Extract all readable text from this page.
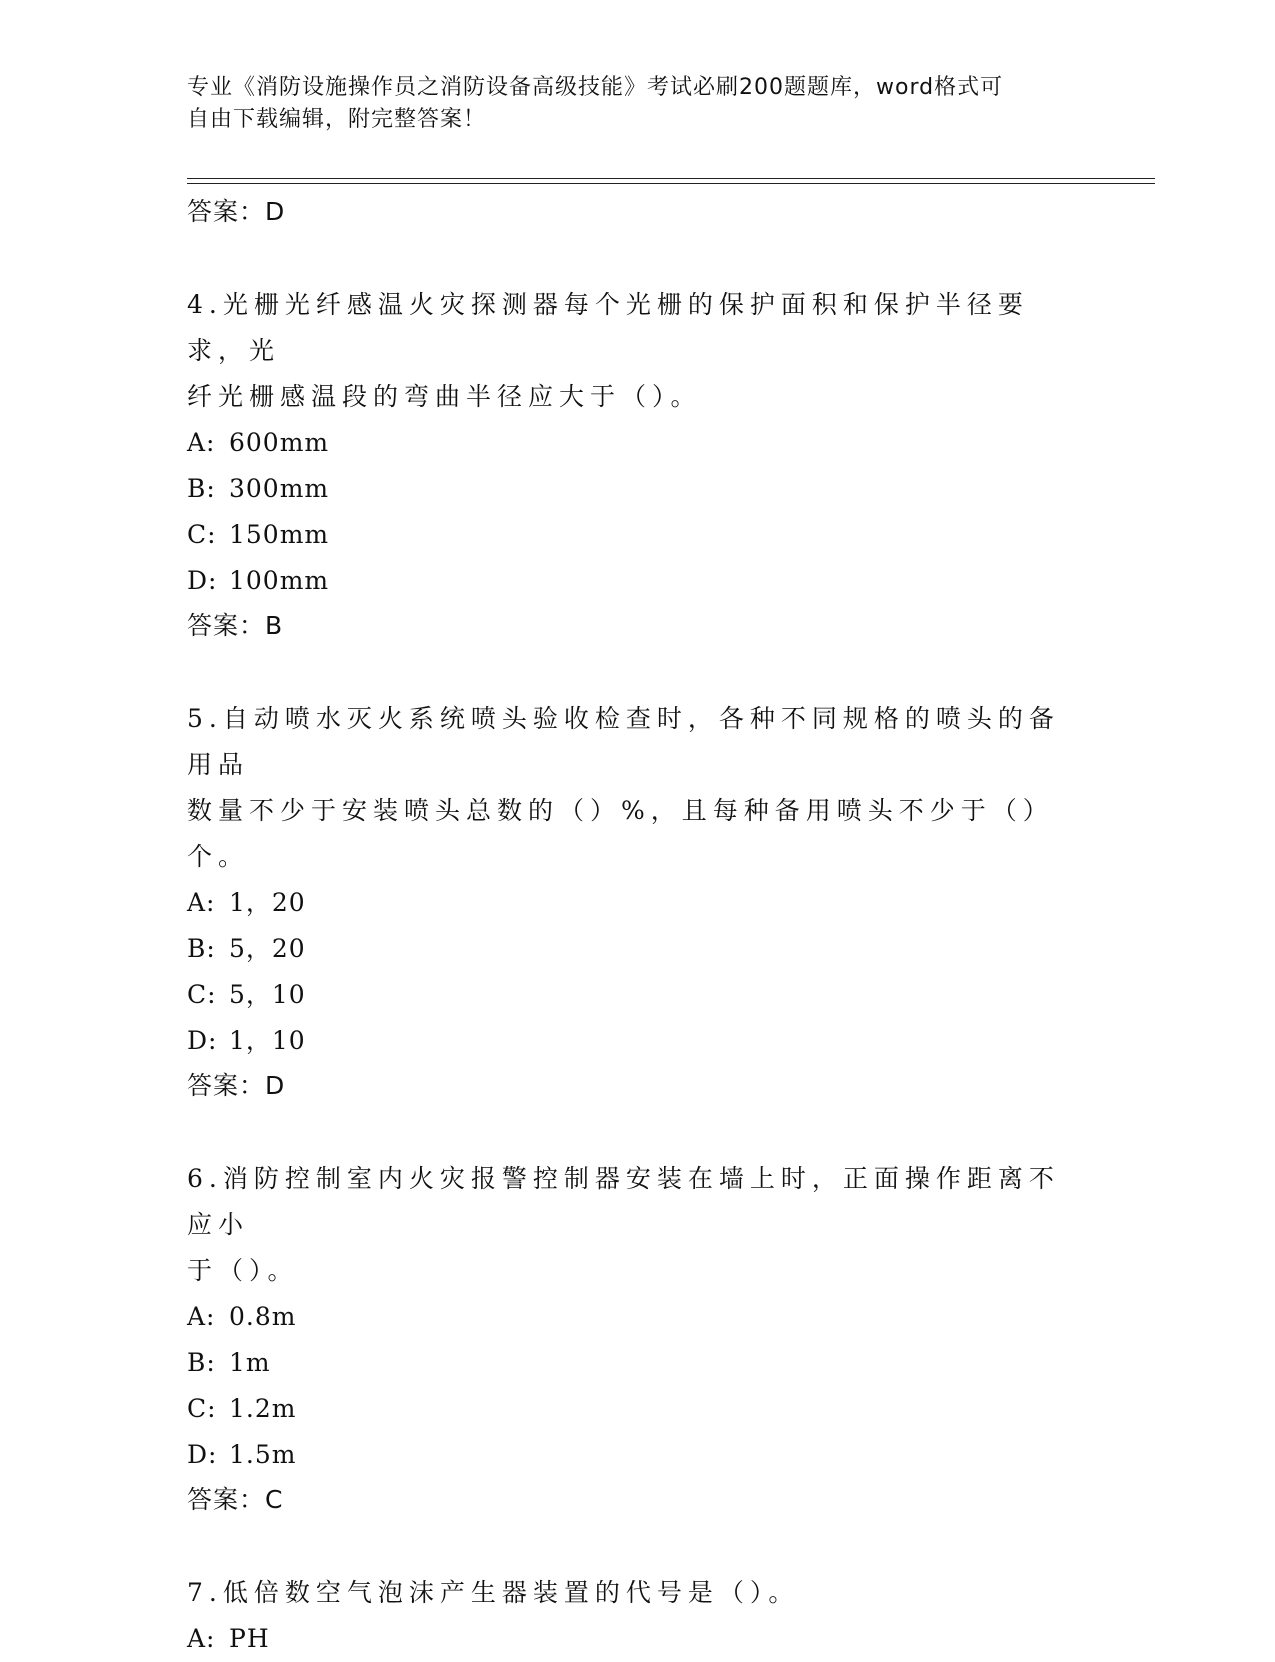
专业《消防设施操作员之消防设备高级技能》考试必刷200题题库，word格式可
自由下载编辑，附完整答案！
答案：D
4.光栅光纤感温火灾探测器每个光栅的保护面积和保护半径要求，光
纤光栅感温段的弯曲半径应大于（）。
A: 600mm
B: 300mm
C: 150mm
D: 100mm
答案：B
5.自动喷水灭火系统喷头验收检查时，各种不同规格的喷头的备用品
数量不少于安装喷头总数的（）%，且每种备用喷头不少于（）个。
A: 1，20
B: 5，20
C: 5，10
D: 1，10
答案：D
6.消防控制室内火灾报警控制器安装在墙上时，正面操作距离不应小
于（）。
A: 0.8m
B: 1m
C: 1.2m
D: 1.5m
答案：C
7.低倍数空气泡沫产生器装置的代号是（）。
A: PH
